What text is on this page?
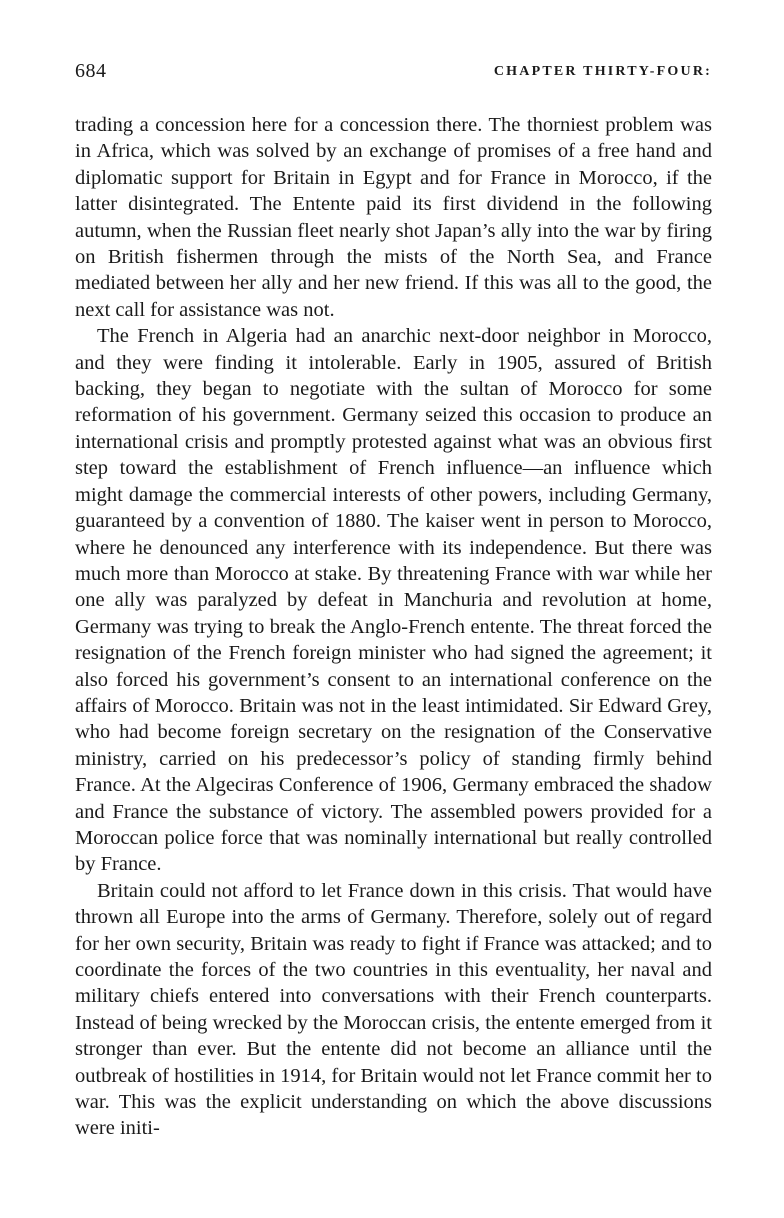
684	CHAPTER THIRTY-FOUR:

trading a concession here for a concession there. The thorniest problem was in Africa, which was solved by an exchange of promises of a free hand and diplomatic support for Britain in Egypt and for France in Morocco, if the latter disintegrated. The Entente paid its first dividend in the following autumn, when the Russian fleet nearly shot Japan’s ally into the war by firing on British fishermen through the mists of the North Sea, and France mediated between her ally and her new friend. If this was all to the good, the next call for assistance was not.

The French in Algeria had an anarchic next-door neighbor in Morocco, and they were finding it intolerable. Early in 1905, assured of British backing, they began to negotiate with the sultan of Morocco for some reformation of his government. Germany seized this occasion to produce an international crisis and promptly protested against what was an obvious first step toward the establishment of French influence—an influence which might damage the commercial interests of other powers, including Germany, guaranteed by a convention of 1880. The kaiser went in person to Morocco, where he denounced any interference with its independence. But there was much more than Morocco at stake. By threatening France with war while her one ally was paralyzed by defeat in Manchuria and revolution at home, Germany was trying to break the Anglo-French entente. The threat forced the resignation of the French foreign minister who had signed the agreement; it also forced his government’s consent to an international conference on the affairs of Morocco. Britain was not in the least intimidated. Sir Edward Grey, who had become foreign secretary on the resignation of the Conservative ministry, carried on his predecessor’s policy of standing firmly behind France. At the Algeciras Conference of 1906, Germany embraced the shadow and France the substance of victory. The assembled powers provided for a Moroccan police force that was nominally international but really controlled by France.

Britain could not afford to let France down in this crisis. That would have thrown all Europe into the arms of Germany. Therefore, solely out of regard for her own security, Britain was ready to fight if France was attacked; and to coordinate the forces of the two countries in this eventuality, her naval and military chiefs entered into conversations with their French counterparts. Instead of being wrecked by the Moroccan crisis, the entente emerged from it stronger than ever. But the entente did not become an alliance until the outbreak of hostilities in 1914, for Britain would not let France commit her to war. This was the explicit understanding on which the above discussions were initi-
